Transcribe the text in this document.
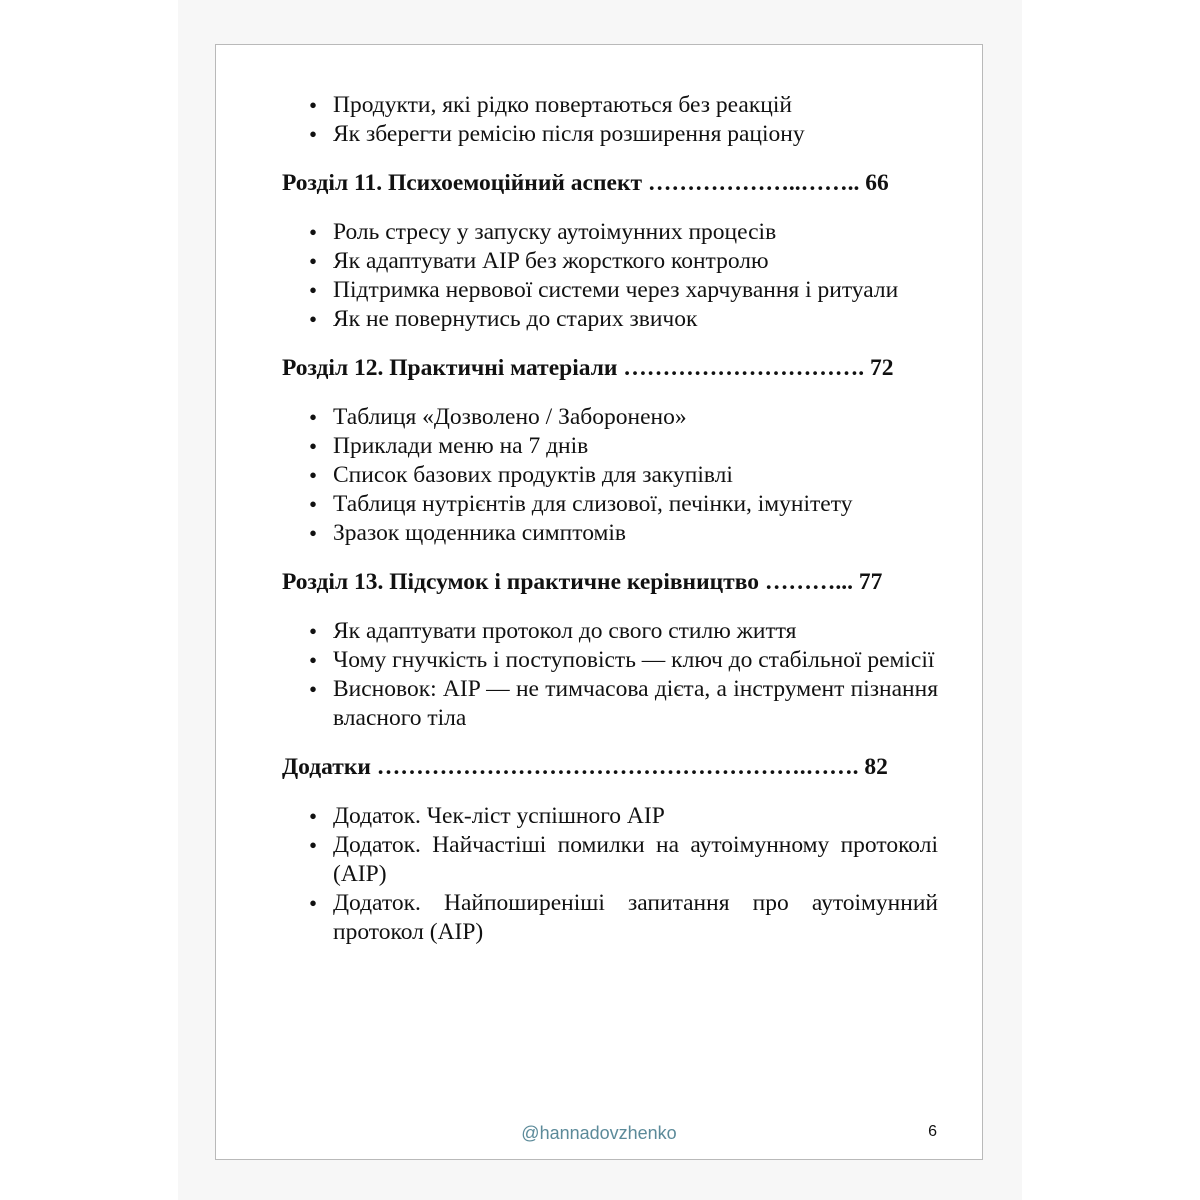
• Продукти, які рідко повертаються без реакцій
• Як зберегти ремісію після розширення раціону
Розділ 11. Психоемоційний аспект ………………..…….. 66
• Роль стресу у запуску аутоімунних процесів
• Як адаптувати AIP без жорсткого контролю
• Підтримка нервової системи через харчування і ритуали
• Як не повернутись до старих звичок
Розділ 12. Практичні матеріали …………………………. 72
• Таблиця «Дозволено / Заборонено»
• Приклади меню на 7 днів
• Список базових продуктів для закупівлі
• Таблиця нутрієнтів для слизової, печінки, імунітету
• Зразок щоденника симптомів
Розділ 13. Підсумок і практичне керівництво ………... 77
• Як адаптувати протокол до свого стилю життя
• Чому гнучкість і поступовість — ключ до стабільної ремісії
• Висновок: AIP — не тимчасова дієта, а інструмент пізнання власного тіла
Додатки ……………………………………………….……. 82
• Додаток. Чек-ліст успішного AIP
• Додаток. Найчастіші помилки на аутоімунному протоколі (AIP)
• Додаток. Найпоширеніші запитання про аутоімунний протокол (AIP)
@hannadovzhenko	6
